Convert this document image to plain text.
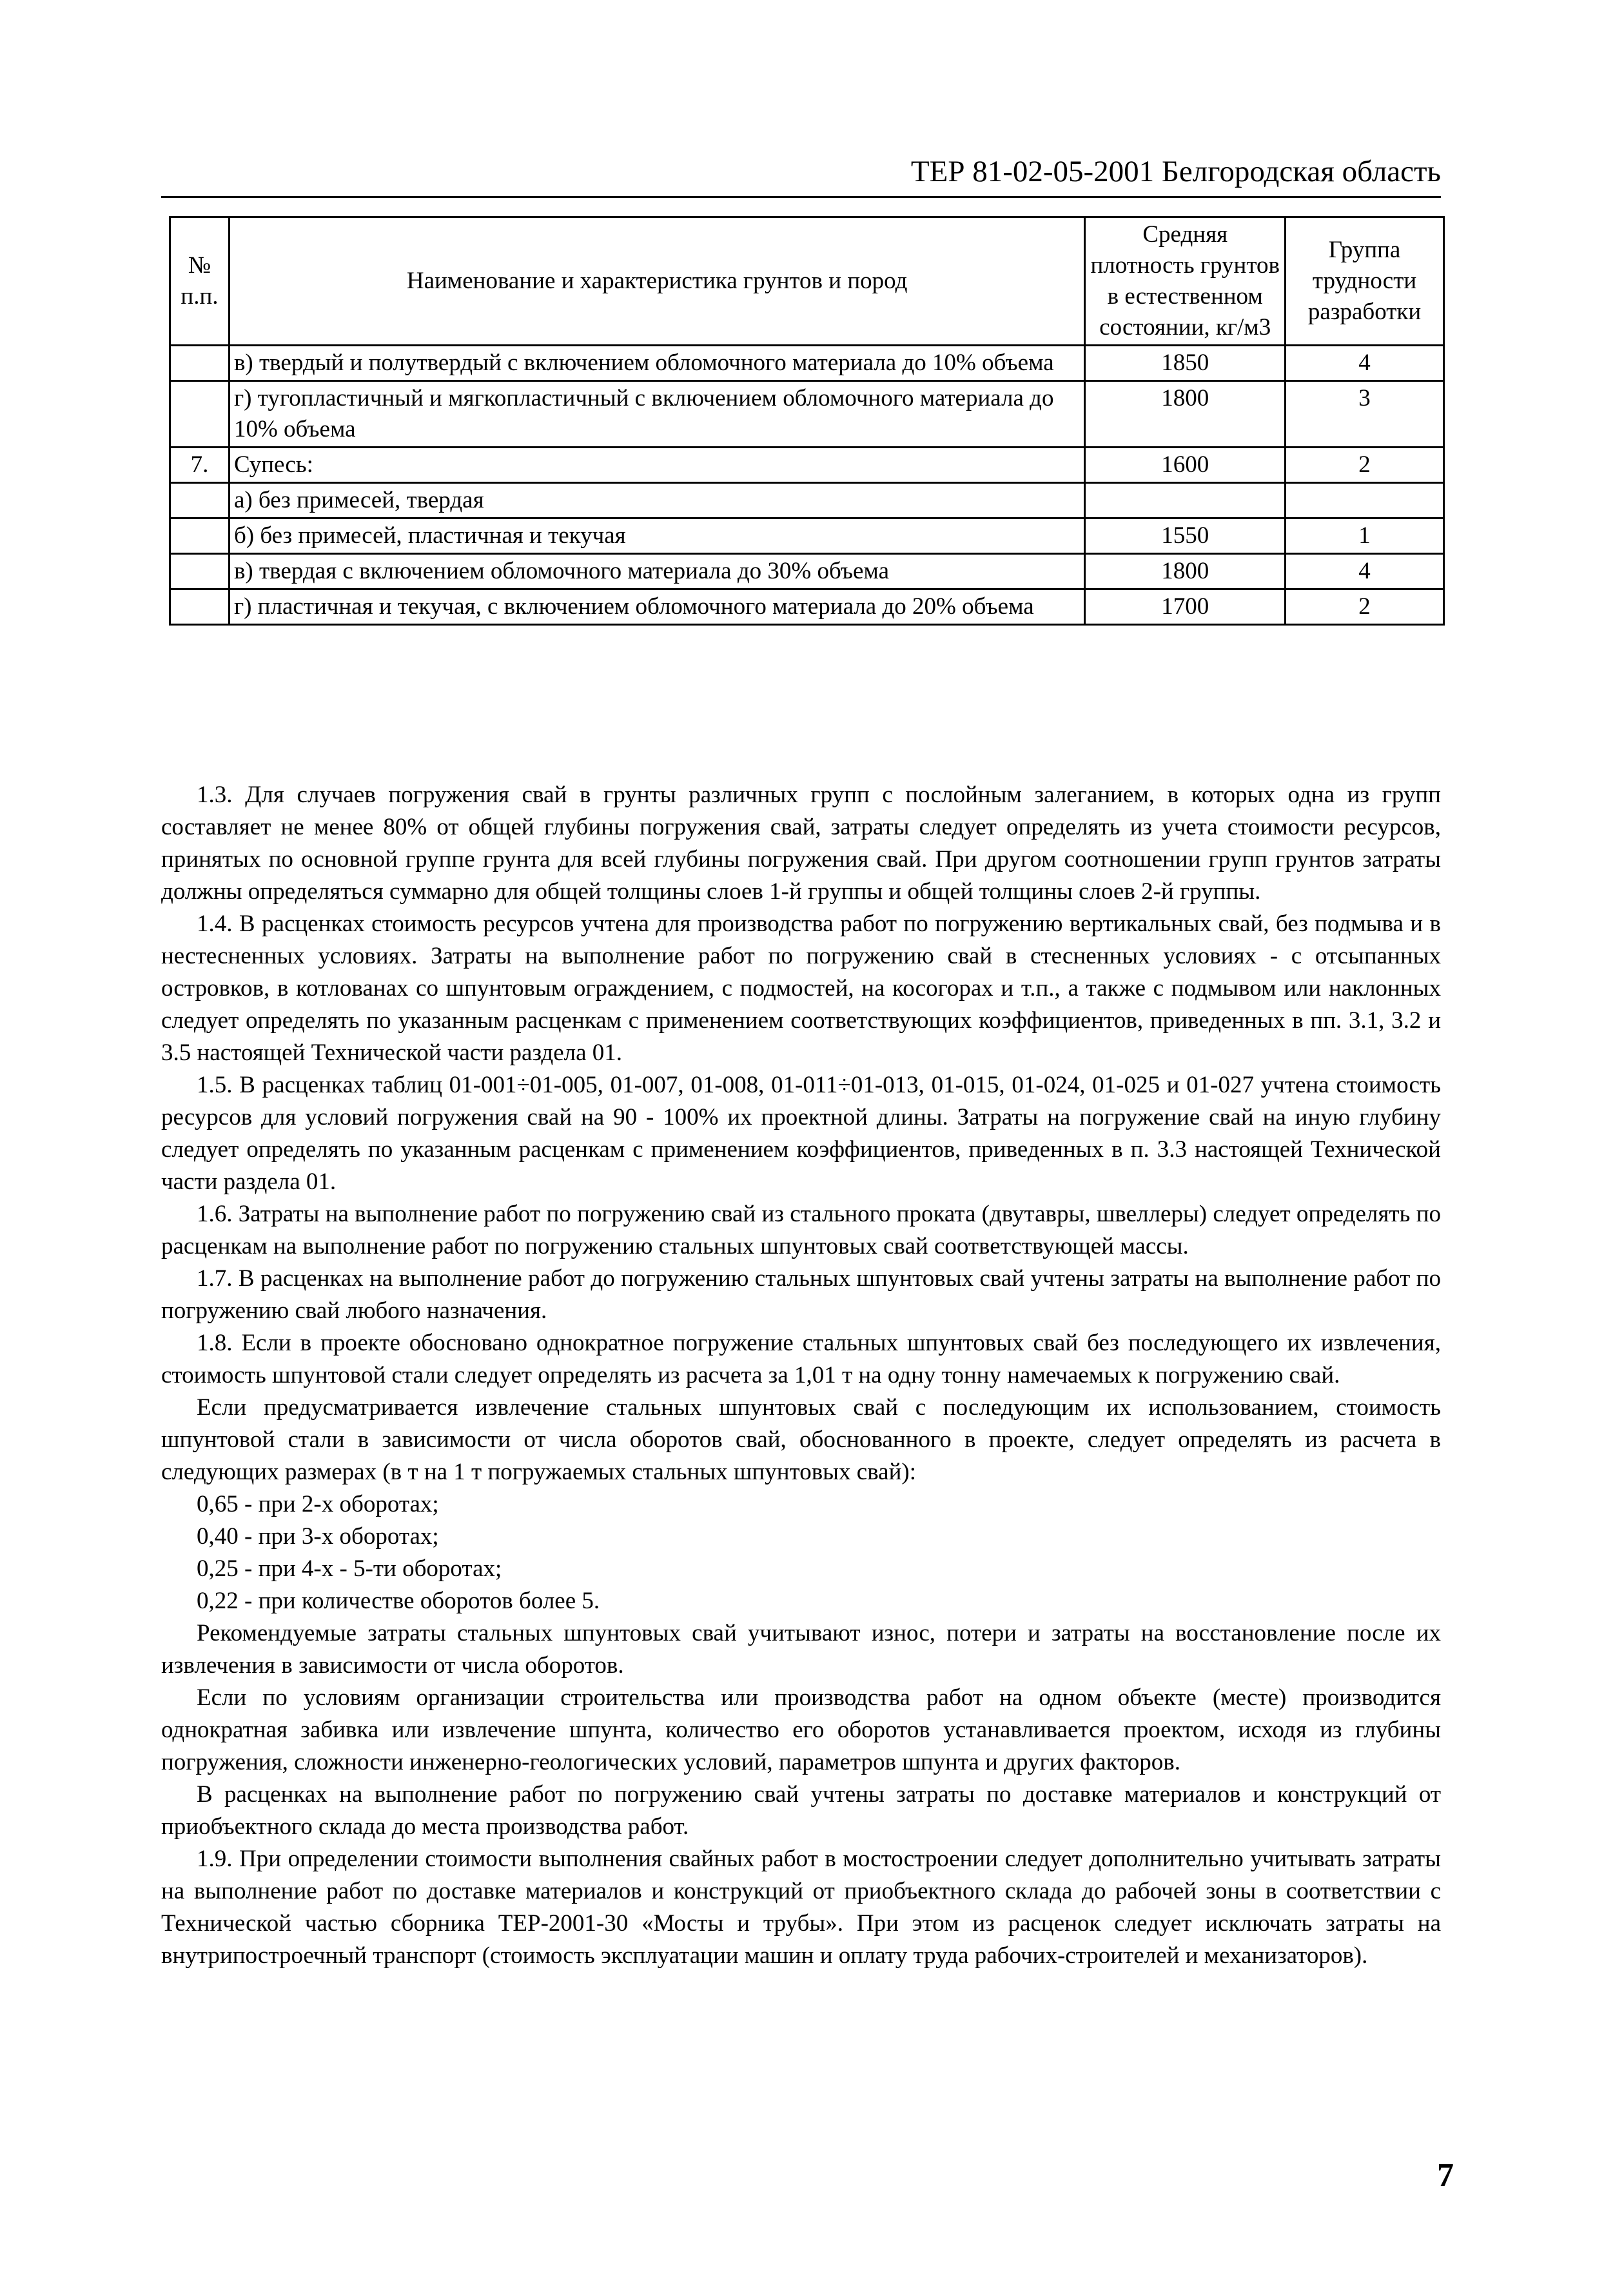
ТЕР 81-02-05-2001 Белгородская область
№ п.п.	Наименование и характеристика грунтов и пород	Средняя плотность грунтов в естественном состоянии, кг/м3	Группа трудности разработки
	в) твердый и полутвердый с включением обломочного материала до 10% объема	1850	4
	г) тугопластичный и мягкопластичный с включением обломочного материала до 10% объема	1800	3
7.	Супесь:	1600	2
	а) без примесей, твердая		
	б) без примесей, пластичная и текучая	1550	1
	в) твердая с включением обломочного материала до 30% объема	1800	4
	г) пластичная и текучая, с включением обломочного материала до 20% объема	1700	2

1.3. Для случаев погружения свай в грунты различных групп с послойным залеганием, в которых одна из групп составляет не менее 80% от общей глубины погружения свай, затраты следует определять из учета стоимости ресурсов, принятых по основной группе грунта для всей глубины погружения свай. При другом соотношении групп грунтов затраты должны определяться суммарно для общей толщины слоев 1-й группы и общей толщины слоев 2-й группы.

1.4. В расценках стоимость ресурсов учтена для производства работ по погружению вертикальных свай, без подмыва и в нестесненных условиях. Затраты на выполнение работ по погружению свай в стесненных условиях - с отсыпанных островков, в котлованах со шпунтовым ограждением, с подмостей, на косогорах и т.п., а также с подмывом или наклонных следует определять по указанным расценкам с применением соответствующих коэффициентов, приведенных в пп. 3.1, 3.2 и 3.5 настоящей Технической части раздела 01.

1.5. В расценках таблиц 01-001÷01-005, 01-007, 01-008, 01-011÷01-013, 01-015, 01-024, 01-025 и 01-027 учтена стоимость ресурсов для условий погружения свай на 90 - 100% их проектной длины. Затраты на погружение свай на иную глубину следует определять по указанным расценкам с применением коэффициентов, приведенных в п. 3.3 настоящей Технической части раздела 01.

1.6. Затраты на выполнение работ по погружению свай из стального проката (двутавры, швеллеры) следует определять по расценкам на выполнение работ по погружению стальных шпунтовых свай соответствующей массы.

1.7. В расценках на выполнение работ до погружению стальных шпунтовых свай учтены затраты на выполнение работ по погружению свай любого назначения.

1.8. Если в проекте обосновано однократное погружение стальных шпунтовых свай без последующего их извлечения, стоимость шпунтовой стали следует определять из расчета за 1,01 т на одну тонну намечаемых к погружению свай.

Если предусматривается извлечение стальных шпунтовых свай с последующим их использованием, стоимость шпунтовой стали в зависимости от числа оборотов свай, обоснованного в проекте, следует определять из расчета в следующих размерах (в т на 1 т погружаемых стальных шпунтовых свай):

0,65 - при 2-х оборотах;

0,40 - при 3-х оборотах;

0,25 - при 4-х - 5-ти оборотах;

0,22 - при количестве оборотов более 5.

Рекомендуемые затраты стальных шпунтовых свай учитывают износ, потери и затраты на восстановление после их извлечения в зависимости от числа оборотов.

Если по условиям организации строительства или производства работ на одном объекте (месте) производится однократная забивка или извлечение шпунта, количество его оборотов устанавливается проектом, исходя из глубины погружения, сложности инженерно-геологических условий, параметров шпунта и других факторов.

В расценках на выполнение работ по погружению свай учтены затраты по доставке материалов и конструкций от приобъектного склада до места производства работ.

1.9. При определении стоимости выполнения свайных работ в мостостроении следует дополнительно учитывать затраты на выполнение работ по доставке материалов и конструкций от приобъектного склада до рабочей зоны в соответствии с Технической частью сборника ТЕР-2001-30 «Мосты и трубы». При этом из расценок следует исключать затраты на внутрипостроечный транспорт (стоимость эксплуатации машин и оплату труда рабочих-строителей и механизаторов).

7
